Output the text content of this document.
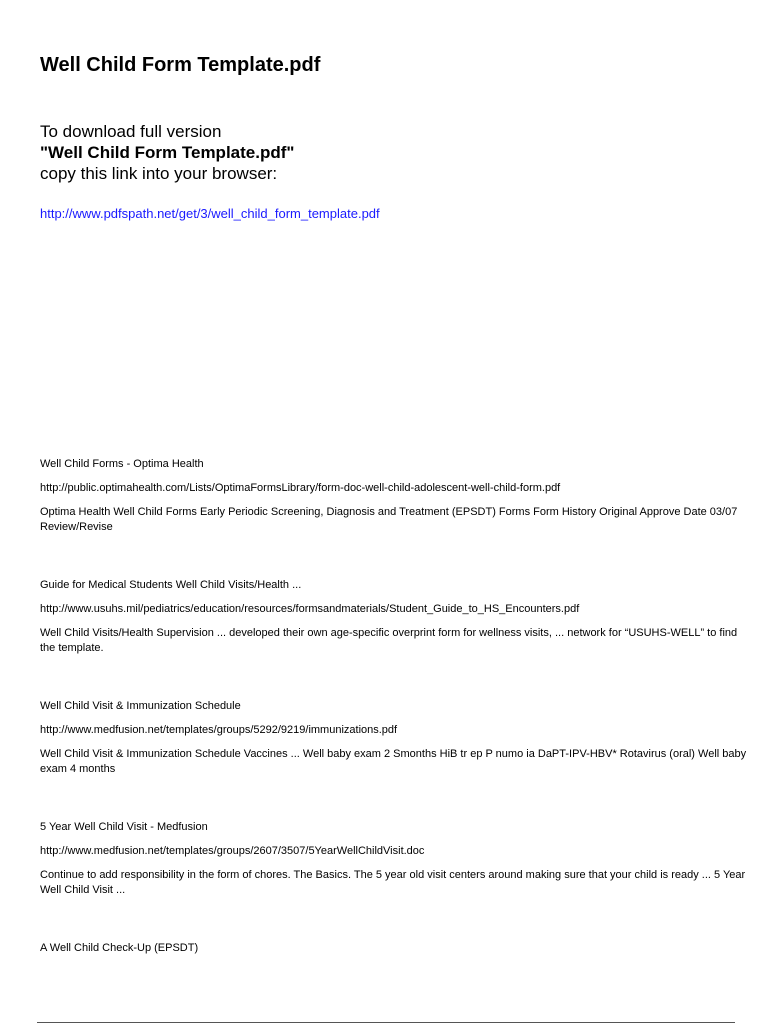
Well Child Form Template.pdf

To download full version
"Well Child Form Template.pdf"
copy this link into your browser:

http://www.pdfspath.net/get/3/well_child_form_template.pdf

Well Child Forms - Optima Health

http://public.optimahealth.com/Lists/OptimaFormsLibrary/form-doc-well-child-adolescent-well-child-form.pdf

Optima Health Well Child Forms Early Periodic Screening, Diagnosis and Treatment (EPSDT) Forms Form History Original Approve Date 03/07 Review/Revise

Guide for Medical Students Well Child Visits/Health ...

http://www.usuhs.mil/pediatrics/education/resources/formsandmaterials/Student_Guide_to_HS_Encounters.pdf

Well Child Visits/Health Supervision ... developed their own age-specific overprint form for wellness visits, ... network for “USUHS-WELL” to find the template.

Well Child Visit & Immunization Schedule

http://www.medfusion.net/templates/groups/5292/9219/immunizations.pdf

Well Child Visit & Immunization Schedule Vaccines ... Well baby exam 2 Smonths HiB tr ep P numo ia DaPT-IPV-HBV* Rotavirus (oral) Well baby exam 4 months

5 Year Well Child Visit - Medfusion

http://www.medfusion.net/templates/groups/2607/3507/5YearWellChildVisit.doc

Continue to add responsibility in the form of chores. The Basics. The 5 year old visit centers around making sure that your child is ready ... 5 Year Well Child Visit ...

A Well Child Check-Up (EPSDT)
